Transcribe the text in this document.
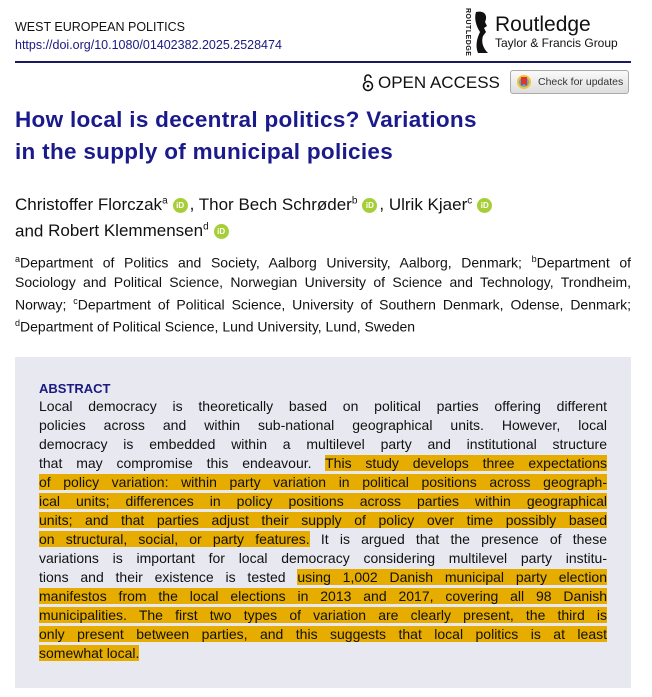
WEST EUROPEAN POLITICS
https://doi.org/10.1080/01402382.2025.2528474	ROUTLEDGE Routledge
Taylor & Francis Group
OPEN ACCESS	Check for updates
How local is decentral politics? Variations
in the supply of municipal policies
Christoffer Florczak$^a$ iD , Thor Bech Schrøder$^b$ iD , Ulrik Kjaer$^c$ iD
and Robert Klemmensen$^d$ iD
$^a$Department of Politics and Society, Aalborg University, Aalborg, Denmark; $^b$Department of Sociology and Political Science, Norwegian University of Science and Technology, Trondheim, Norway; $^c$Department of Political Science, University of Southern Denmark, Odense, Denmark; $^d$Department of Political Science, Lund University, Lund, Sweden
ABSTRACT
Local democracy is theoretically based on political parties offering different
policies across and within sub-national geographical units. However, local
democracy is embedded within a multilevel party and institutional structure
that may compromise this endeavour. This study develops three expectations
of policy variation: within party variation in political positions across geograph-
ical units; differences in policy positions across parties within geographical
units; and that parties adjust their supply of policy over time possibly based
on structural, social, or party features. It is argued that the presence of these
variations is important for local democracy considering multilevel party institu-
tions and their existence is tested using 1,002 Danish municipal party election
manifestos from the local elections in 2013 and 2017, covering all 98 Danish
municipalities. The first two types of variation are clearly present, the third is
only present between parties, and this suggests that local politics is at least
somewhat local.
